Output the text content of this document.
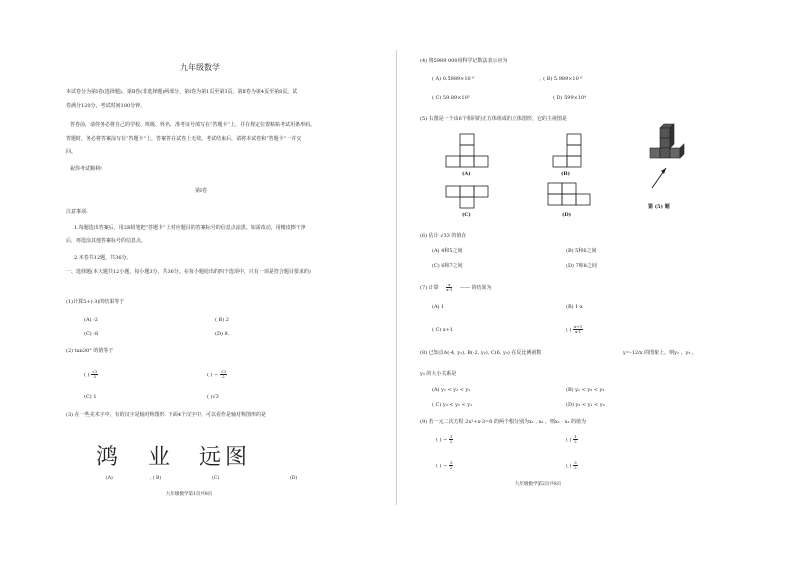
九年级数学
本试卷分为第Ⅰ卷(选择题)、第Ⅱ卷(非选择题)两部分，第Ⅰ卷为第1页至第3页，第Ⅱ卷为第4页至第8页。试
卷满分120分，考试时间100分钟。
答卷前，请你务必将自己的学校、班级、姓名、准考证号填写在“答题卡”上，并在规定位置粘贴考试用条形码。
答题时，务必将答案涂写在“答题卡”上，答案答在试卷上无效。考试结束后，请将本试卷和“答题卡”一并交
回。
祝你考试顺利!
第Ⅰ卷
注意事项:
1.每题选出答案后，用2B铅笔把“答题卡”上对应题目的答案标号的信息点涂黑。如需改动，用橡皮擦干净
后，再选涂其他答案标号的信息点。
2.本卷共12题，共36分。
一、选择题(本大题共12小题，每小题3分，共36分。在每小题给出的四个选项中，只有一项是符合题目要求的)
(1)计算5+(-3)的结果等于
(A) -2	( B) 2
(C) -8	(D) 8.
(2) tan30° 的值等于
( ) $\frac{√3}{3}$	( ) − $\frac{√3}{2}$
(C) 1	( )√3
(3) 在一些美术字中，有的汉字是轴对称图形. 下面4个汉字中，可以看作是轴对称图形的是
鸿 业 远 图
(A)	, ( B)	(C)	(D)
九年级数学第1页共8页
(4) 将5989 000用科学记数法表示应为
( A) 0.5989×10 ⁶	, ( B) 5.989×10 ⁶
( C) 59.89×10⁵	( D) 599×10⁴
(5) 右图是一个由6个相同的正方体组成的立体图形，它的主视图是
(A)	(B)
(C)	(D)
第 (5) 题
(6) 估计 √33 的值在
(A) 4和5之间	(B) 5和6之间
(C) 6和7之间	(D) 7和8之间
(7) 计算 $\frac{x}{x-1}$ —— 的结果为
(A) 1	(B) 1-x
( C) x+1	( ) $\frac{x+1}{x-1}$
(8) 已知点A(-4, y₁), B(-2, y₂), C(6, y₃) 在反比例函数	y=-12/x 的图象上，则y₁ ，y₂ ，
y₃ 的大小关系是
(A) y₂ < y₃ < y₁	(B) y₁ < y₃ < y₂
( C) y₃ < y₂ < y₁	(D) y₂ < y₁ < y₃
(9) 若一元二次方程 2x²+x-3=0 的两个根分别为x₁ , x₂ ，则x₁ · x₂ 的值为
( ) − $\frac{1}{2}$	( ) $\frac{1}{2}$
( ) − $\frac{3}{2}$	( ) $\frac{3}{2}$
九年级数学第2页共8页
